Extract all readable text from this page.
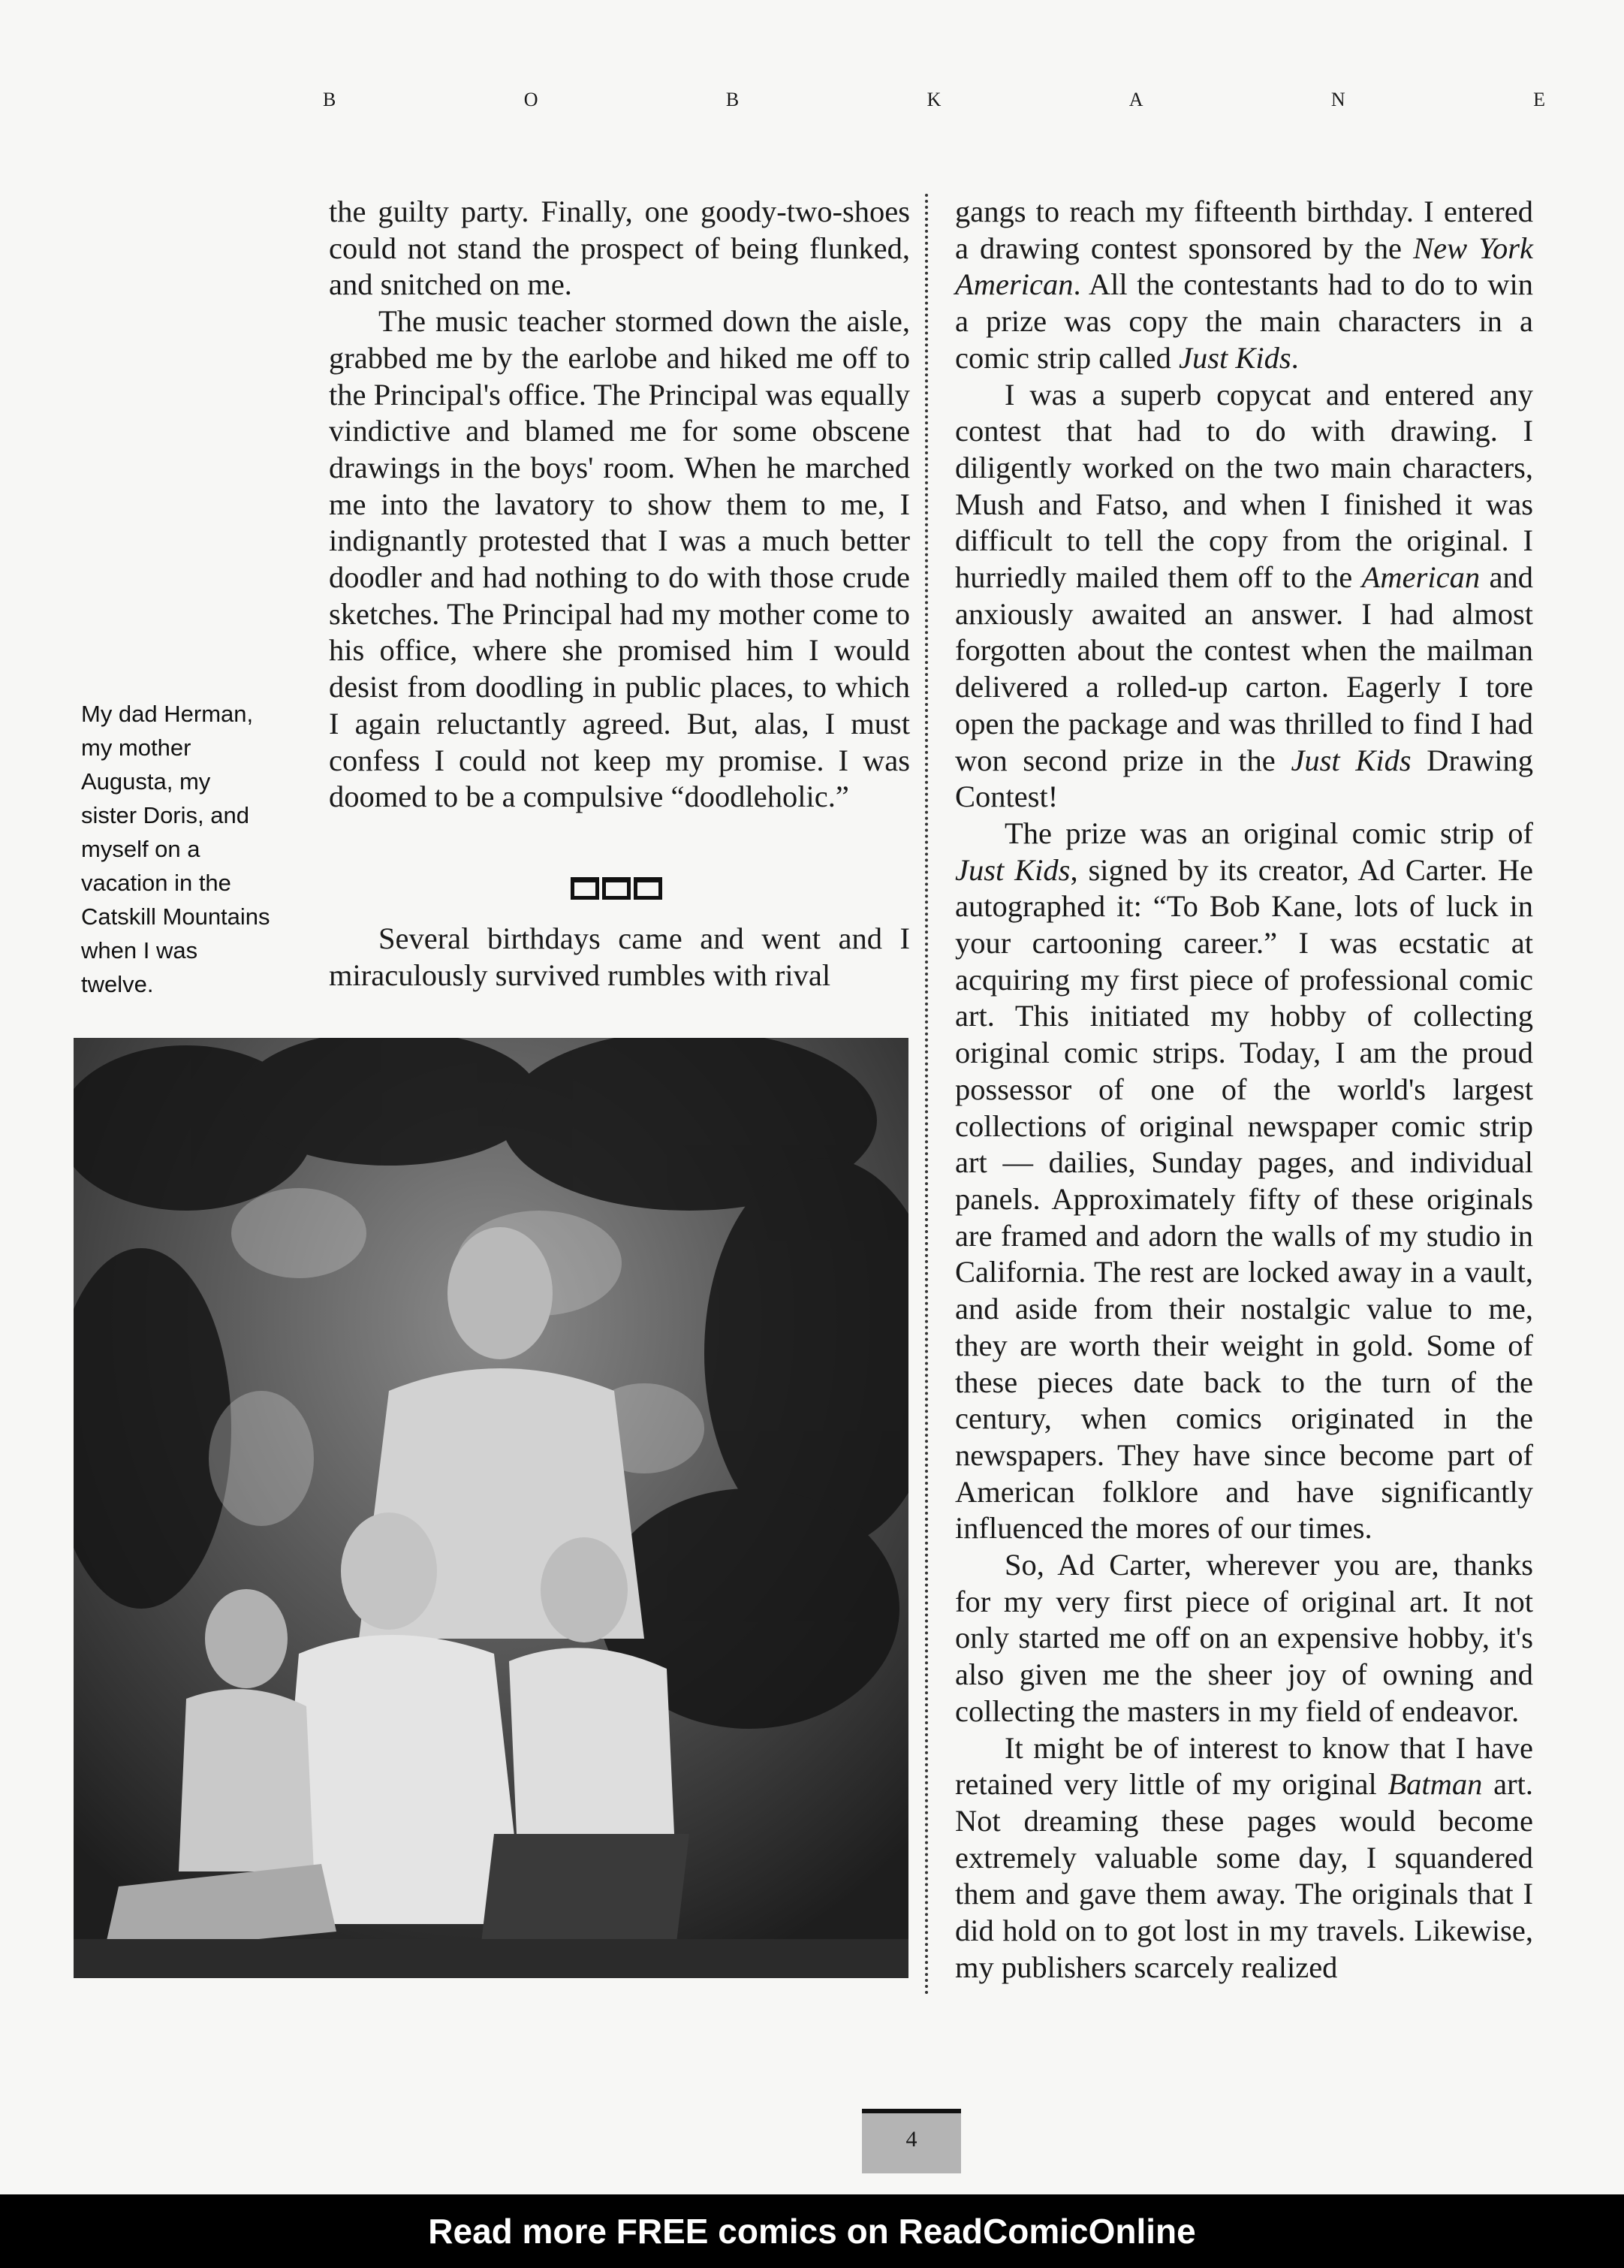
B	O	B	K	A	N	E

the guilty party. Finally, one goody-two-shoes could not stand the prospect of being flunked, and snitched on me.

The music teacher stormed down the aisle, grabbed me by the earlobe and hiked me off to the Principal's office. The Principal was equally vindictive and blamed me for some obscene drawings in the boys' room. When he marched me into the lavatory to show them to me, I indignantly protested that I was a much better doodler and had nothing to do with those crude sketches. The Principal had my mother come to his office, where she promised him I would desist from doodling in public places, to which I again reluctantly agreed. But, alas, I must confess I could not keep my promise. I was doomed to be a compulsive “doodleholic.”

Several birthdays came and went and I miraculously survived rumbles with rival

gangs to reach my fifteenth birthday. I entered a drawing contest sponsored by the New York American. All the contestants had to do to win a prize was copy the main characters in a comic strip called Just Kids.

I was a superb copycat and entered any contest that had to do with drawing. I diligently worked on the two main characters, Mush and Fatso, and when I finished it was difficult to tell the copy from the original. I hurriedly mailed them off to the American and anxiously awaited an answer. I had almost forgotten about the contest when the mailman delivered a rolled-up carton. Eagerly I tore open the package and was thrilled to find I had won second prize in the Just Kids Drawing Contest!

The prize was an original comic strip of Just Kids, signed by its creator, Ad Carter. He autographed it: “To Bob Kane, lots of luck in your cartooning career.” I was ecstatic at acquiring my first piece of professional comic art. This initiated my hobby of collecting original comic strips. Today, I am the proud possessor of one of the world's largest collections of original newspaper comic strip art — dailies, Sunday pages, and individual panels. Approximately fifty of these originals are framed and adorn the walls of my studio in California. The rest are locked away in a vault, and aside from their nostalgic value to me, they are worth their weight in gold. Some of these pieces date back to the turn of the century, when comics originated in the newspapers. They have since become part of American folklore and have significantly influenced the mores of our times.

So, Ad Carter, wherever you are, thanks for my very first piece of original art. It not only started me off on an expensive hobby, it's also given me the sheer joy of owning and collecting the masters in my field of endeavor.

It might be of interest to know that I have retained very little of my original Batman art. Not dreaming these pages would become extremely valuable some day, I squandered them and gave them away. The originals that I did hold on to got lost in my travels. Likewise, my publishers scarcely realized

My dad Herman,

my mother

Augusta, my

sister Doris, and

myself on a

vacation in the

Catskill Mountains

when I was

twelve.

4
Read more FREE comics on ReadComicOnline
